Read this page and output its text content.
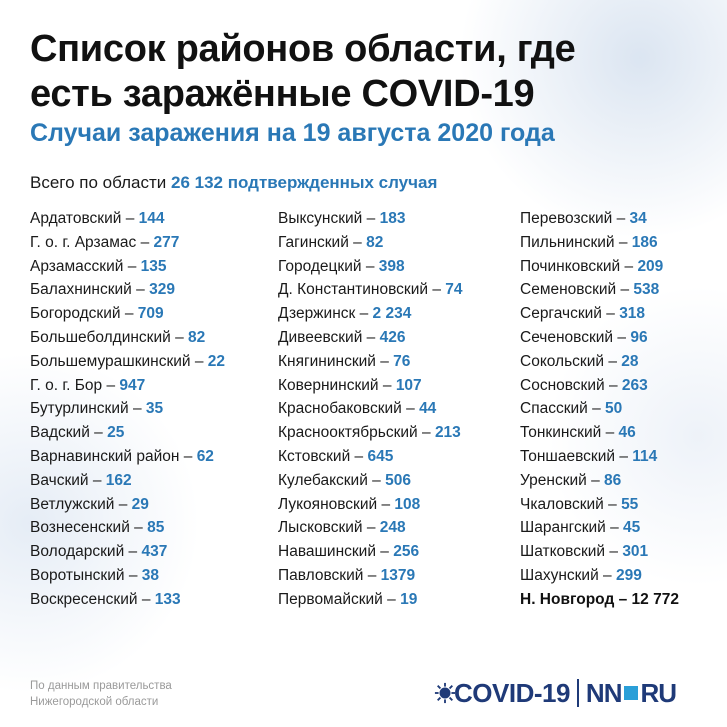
Список районов области, где есть заражённые COVID-19
Случаи заражения на 19 августа 2020 года
Всего по области 26 132 подтвержденных случая
Ардатовский – 144
Г. о. г. Арзамас – 277
Арзамасский – 135
Балахнинский – 329
Богородский – 709
Большеболдинский – 82
Большемурашкинский – 22
Г. о. г. Бор – 947
Бутурлинский – 35
Вадский – 25
Варнавинский район – 62
Вачский – 162
Ветлужский – 29
Вознесенский – 85
Володарский – 437
Воротынский – 38
Воскресенский – 133
Выксунский – 183
Гагинский – 82
Городецкий – 398
Д. Константиновский – 74
Дзержинск – 2 234
Дивеевский – 426
Княгининский – 76
Ковернинский – 107
Краснобаковский – 44
Краснооктябрьский – 213
Кстовский – 645
Кулебакский – 506
Лукояновский – 108
Лысковский – 248
Навашинский – 256
Павловский – 1379
Первомайский – 19
Перевозский – 34
Пильнинский – 186
Починковский – 209
Семеновский – 538
Сергачский – 318
Сеченовский – 96
Сокольский – 28
Сосновский – 263
Спасский – 50
Тонкинский – 46
Тоншаевский – 114
Уренский – 86
Чкаловский – 55
Шарангский – 45
Шатковский – 301
Шахунский – 299
Н. Новгород – 12 772
По данным правительства
Нижегородской области	COVID-19 NN RU
